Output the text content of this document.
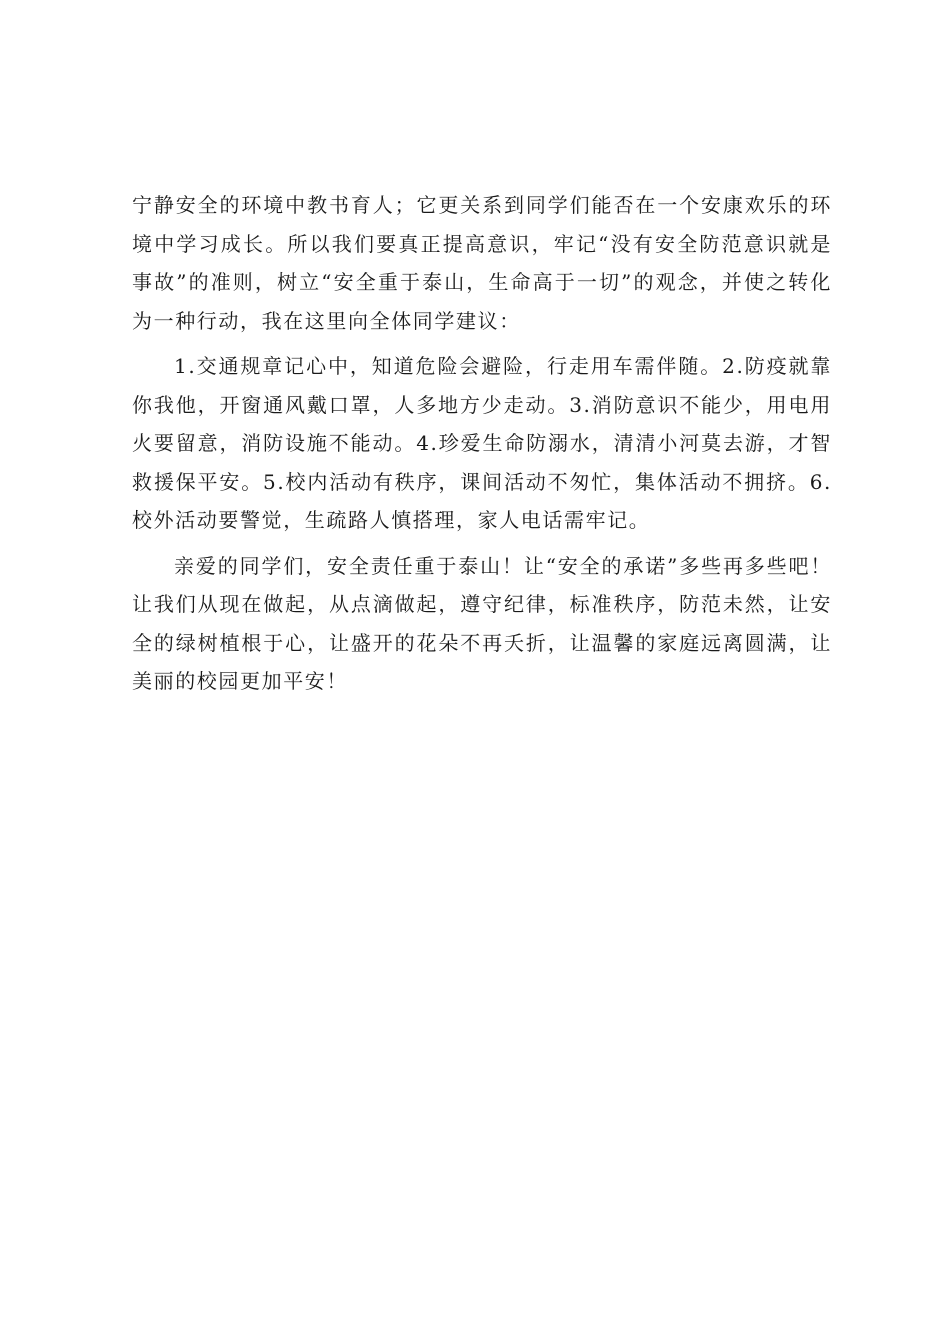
宁静安全的环境中教书育人；它更关系到同学们能否在一个安康欢乐的环境中学习成长。所以我们要真正提高意识，牢记“没有安全防范意识就是事故”的准则，树立“安全重于泰山，生命高于一切”的观念，并使之转化为一种行动，我在这里向全体同学建议：

1.交通规章记心中，知道危险会避险，行走用车需伴随。2.防疫就靠你我他，开窗通风戴口罩，人多地方少走动。3.消防意识不能少，用电用火要留意，消防设施不能动。4.珍爱生命防溺水，清清小河莫去游，才智救援保平安。5.校内活动有秩序，课间活动不匆忙，集体活动不拥挤。6.校外活动要警觉，生疏路人慎搭理，家人电话需牢记。

亲爱的同学们，安全责任重于泰山！让“安全的承诺”多些再多些吧！让我们从现在做起，从点滴做起，遵守纪律，标准秩序，防范未然，让安全的绿树植根于心，让盛开的花朵不再夭折，让温馨的家庭远离圆满，让美丽的校园更加平安！
